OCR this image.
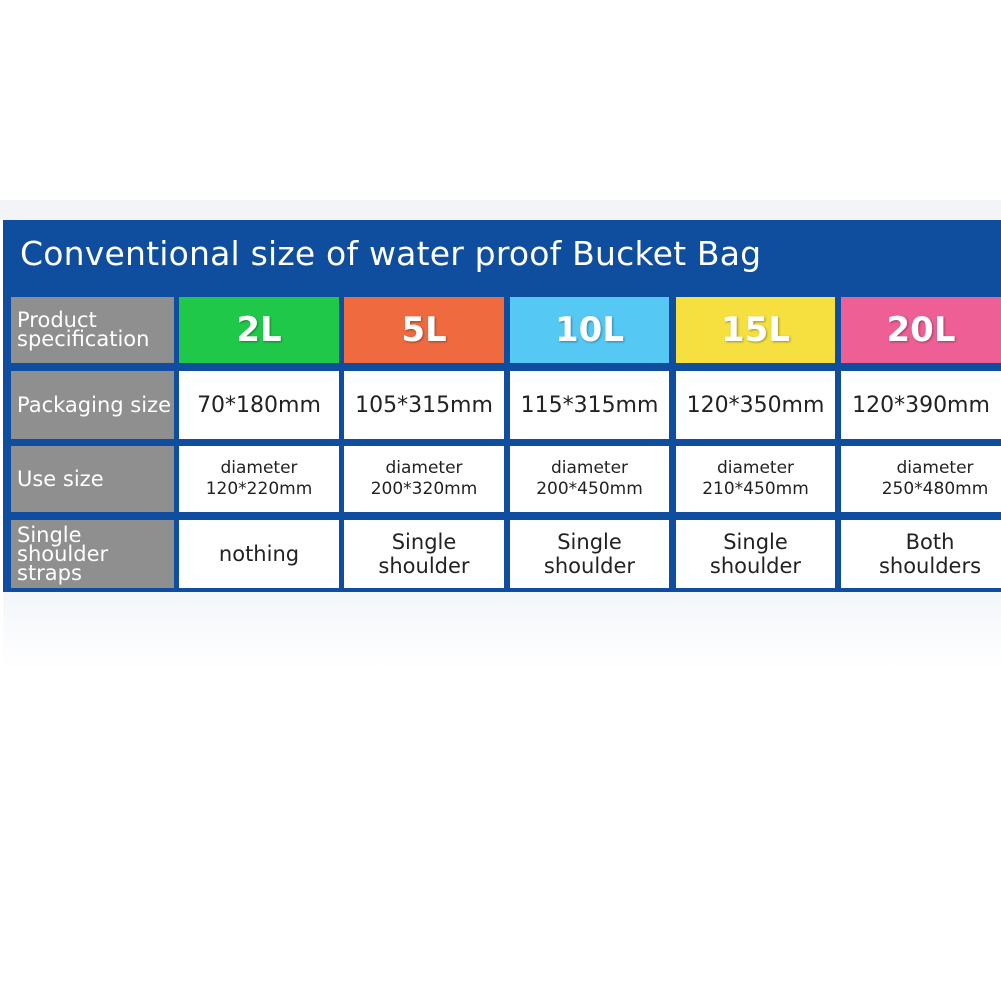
Conventional size of water proof Bucket Bag
Product specification
Packaging size
Use size
Single shoulder straps
2L
70*180mm
diameter
120*220mm
nothing
5L
105*315mm
diameter
200*320mm
Single
shoulder
10L
115*315mm
diameter
200*450mm
Single
shoulder
15L
120*350mm
diameter
210*450mm
Single
shoulder
20L
120*390mm
diameter
250*480mm
Both
shoulders
